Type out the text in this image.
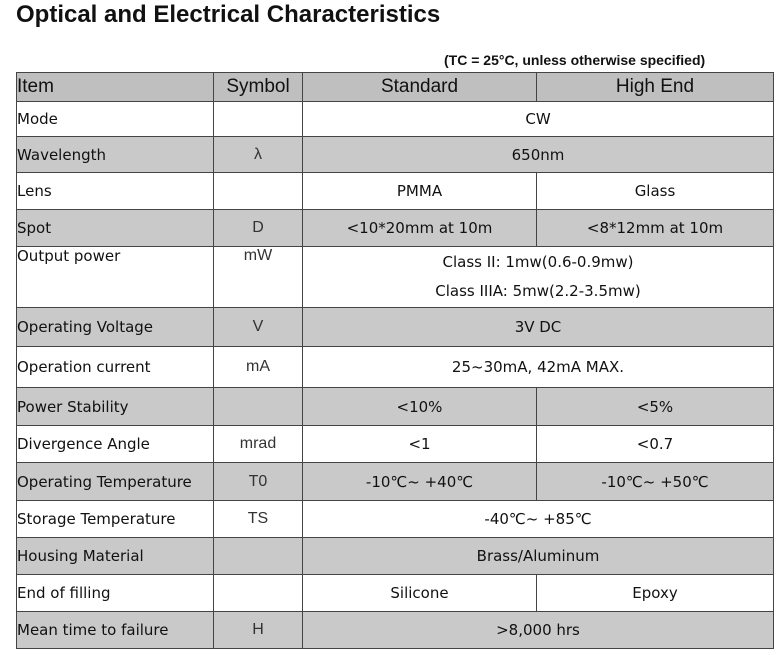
Optical and Electrical Characteristics
(TC = 25°C, unless otherwise specified)
Item	Symbol	Standard	High End
Mode		CW	
Wavelength	λ	650nm	
Lens		PMMA	Glass
Spot	D	<10*20mm at 10m	<8*12mm at 10m
Output power	mW	Class II: 1mw(0.6-0.9mw)
Class IIIA: 5mw(2.2-3.5mw)	

Operating Voltage	V	3V DC	
Operation current	mA	25~30mA, 42mA MAX.	
Power Stability		<10%	<5%
Divergence Angle	mrad	<1	<0.7
Operating Temperature	T0	-10℃~ +40℃	-10℃~ +50℃
Storage Temperature	TS	-40℃~ +85℃	
Housing Material		Brass/Aluminum	
End of filling		Silicone	Epoxy
Mean time to failure	H	>8,000 hrs	
